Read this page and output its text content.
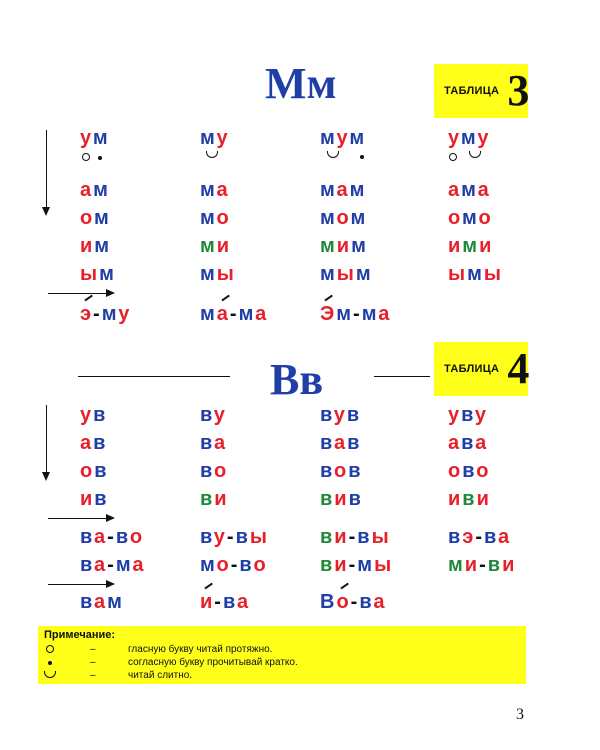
Мм	ТАБЛИЦА 3
ум	му	мум	уму
ам	ма	мам	ама
ом	мо	мом	омо
им	ми	мим	ими
ым	мы	мым	ымы
э-му	ма-ма	Эм-ма
Вв	ТАБЛИЦА 4
ув	ву	вув	уву
ав	ва	вав	ава
ов	во	вов	ово
ив	ви	вив	иви
ва-во	ву-вы	ви-вы	вэ-ва
ва-ма	мо-во	ви-мы	ми-ви
вам	и-ва	Во-ва
Примечание:
–	гласную букву читай протяжно.
–	согласную букву прочитывай кратко.
–	читай слитно.
3
